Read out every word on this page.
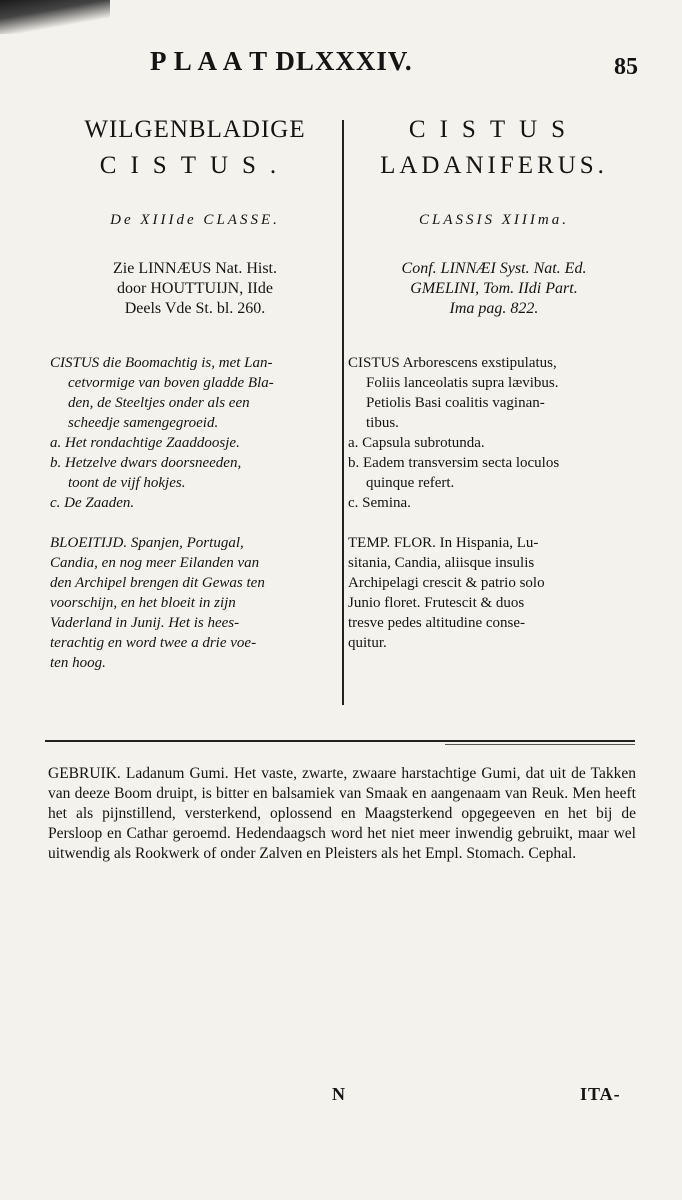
P L A A T DLXXXIV.	85
WILGENBLADIGE
CISTUS.
De XIIIde CLASSE.
Zie LINNÆUS Nat. Hist.
door HOUTTUIJN, IIde
Deels Vde St. bl. 260.
CISTUS die Boomachtig is, met Lan-
cetvormige van boven gladde Bla-
den, de Steeltjes onder als een
scheedje samengegroeid.
a. Het rondachtige Zaaddoosje.
b. Hetzelve dwars doorsneeden,
toont de vijf hokjes.
c. De Zaaden.
BLOEITIJD. Spanjen, Portugal,
Candia, en nog meer Eilanden van
den Archipel brengen dit Gewas ten
voorschijn, en het bloeit in zijn
Vaderland in Junij. Het is hees-
terachtig en word twee a drie voe-
ten hoog.
CISTUS
LADANIFERUS.
CLASSIS XIIIma.
Conf. LINNÆI Syst. Nat. Ed.
GMELINI, Tom. IIdi Part.
Ima pag. 822.
CISTUS Arborescens exstipulatus,
Foliis lanceolatis supra lævibus.
Petiolis Basi coalitis vaginan-
tibus.
a. Capsula subrotunda.
b. Eadem transversim secta loculos
quinque refert.
c. Semina.
TEMP. FLOR. In Hispania, Lu-
sitania, Candia, aliisque insulis
Archipelagi crescit & patrio solo
Junio floret. Frutescit & duos
tresve pedes altitudine conse-
quitur.
GEBRUIK. Ladanum Gumi. Het vaste, zwarte, zwaare harstachtige Gumi, dat uit de Takken van deeze Boom druipt, is bitter en balsamiek van Smaak en aangenaam van Reuk. Men heeft het als pijnstillend, versterkend, oplossend en Maagsterkend opgegeeven en het bij de Persloop en Cathar geroemd. Hedendaagsch word het niet meer inwendig gebruikt, maar wel uitwendig als Rookwerk of onder Zalven en Pleisters als het Empl. Stomach. Cephal.
N	ITA-
